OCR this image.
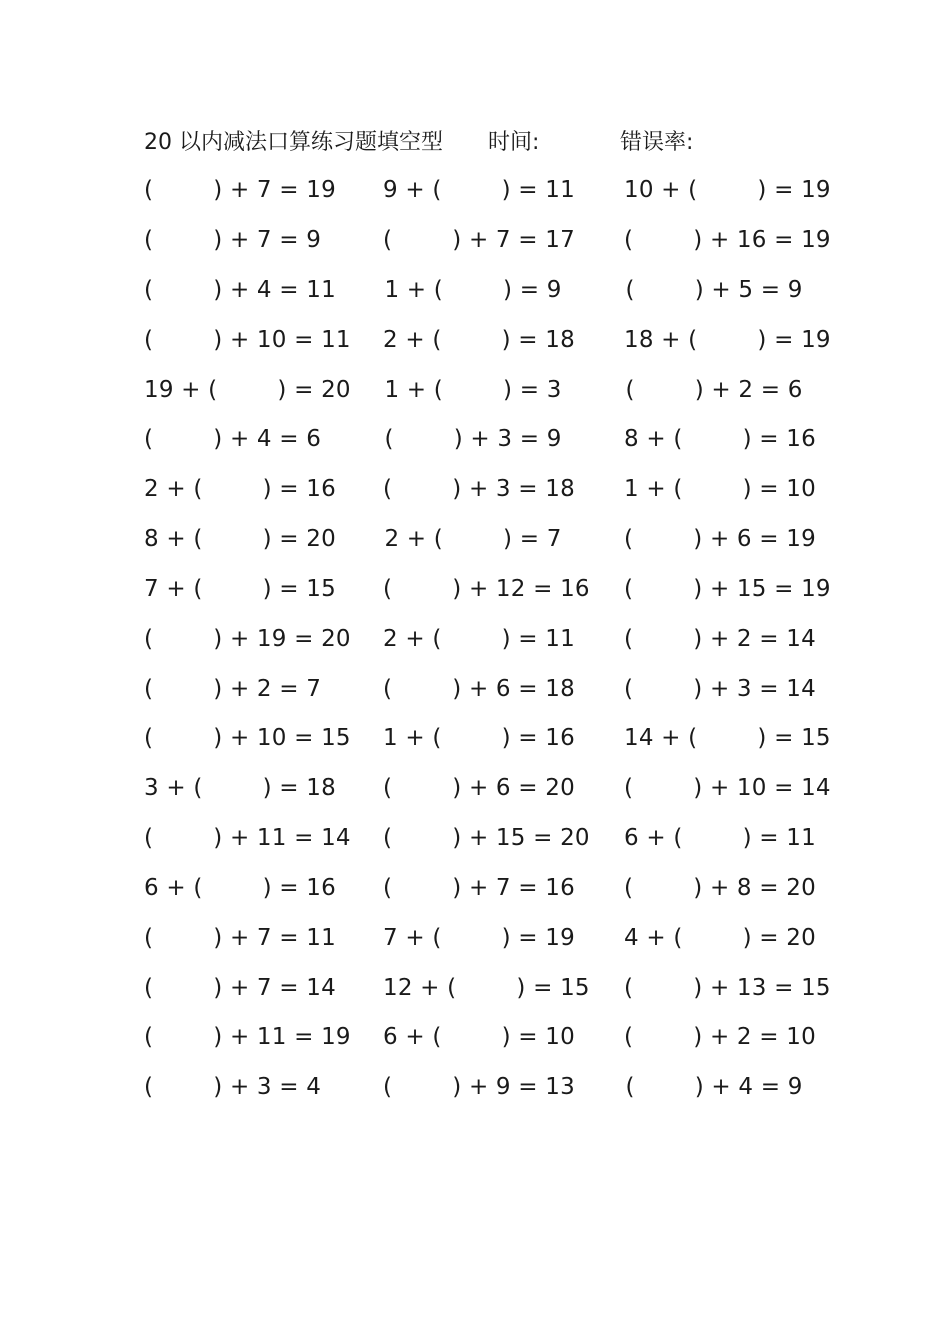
20 以内减法口算练习题填空型 时间:	错误率:
(        ) + 7 = 19
(        ) + 7 = 9
(        ) + 4 = 11
(        ) + 10 = 11
19 + (        ) = 20
(        ) + 4 = 6
2 + (        ) = 16
8 + (        ) = 20
7 + (        ) = 15
(        ) + 19 = 20
(        ) + 2 = 7
(        ) + 10 = 15
3 + (        ) = 18
(        ) + 11 = 14
6 + (        ) = 16
(        ) + 7 = 11
(        ) + 7 = 14
(        ) + 11 = 19
(        ) + 3 = 4
9 + (        ) = 11
(        ) + 7 = 17
1 + (        ) = 9
2 + (        ) = 18
1 + (        ) = 3
(        ) + 3 = 9
(        ) + 3 = 18
2 + (        ) = 7
(        ) + 12 = 16
2 + (        ) = 11
(        ) + 6 = 18
1 + (        ) = 16
(        ) + 6 = 20
(        ) + 15 = 20
(        ) + 7 = 16
7 + (        ) = 19
12 + (        ) = 15
6 + (        ) = 10
(        ) + 9 = 13
10 + (        ) = 19
(        ) + 16 = 19
(        ) + 5 = 9
18 + (        ) = 19
(        ) + 2 = 6
8 + (        ) = 16
1 + (        ) = 10
(        ) + 6 = 19
(        ) + 15 = 19
(        ) + 2 = 14
(        ) + 3 = 14
14 + (        ) = 15
(        ) + 10 = 14
6 + (        ) = 11
(        ) + 8 = 20
4 + (        ) = 20
(        ) + 13 = 15
(        ) + 2 = 10
(        ) + 4 = 9
